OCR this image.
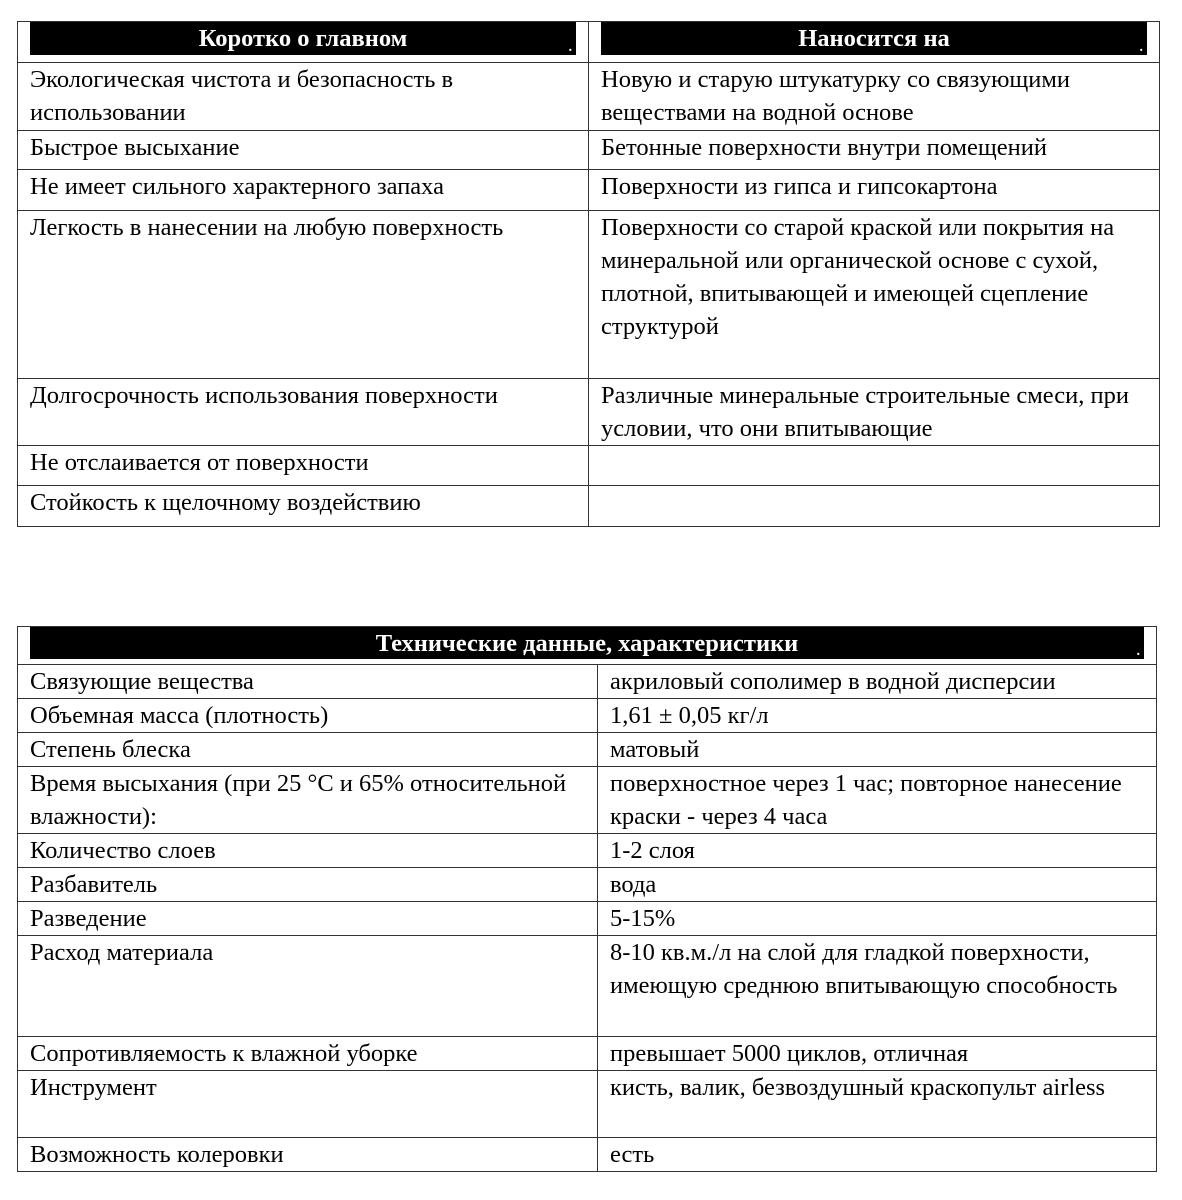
Коротко о главном .	Наносится на .

Экологическая чистота и безопасность в использовании	Новую и старую штукатурку со связующими веществами на водной основе
Быстрое высыхание	Бетонные поверхности внутри помещений
Не имеет сильного характерного запаха	Поверхности из гипса и гипсокартона
Легкость в нанесении на любую поверхность	Поверхности со старой краской или покрытия на минеральной или органической основе с сухой, плотной, впитывающей и имеющей сцепление структурой
Долгосрочность использования поверхности	Различные минеральные строительные смеси, при условии, что они впитывающие
Не отслаивается от поверхности	
Стойкость к щелочному воздействию	
Технические данные, характеристики .	

Связующие вещества	акриловый сополимер в водной дисперсии
Объемная масса (плотность)	1,61 ± 0,05 кг/л
Степень блеска	матовый
Время высыхания (при 25 °С и 65% относительной влажности):	поверхностное через 1 час; повторное нанесение краски - через 4 часа
Количество слоев	1-2 слоя
Разбавитель	вода
Разведение	5-15%
Расход материала	8-10 кв.м./л на слой для гладкой поверхности, имеющую среднюю впитывающую способность
Сопротивляемость к влажной уборке	превышает 5000 циклов, отличная
Инструмент	кисть, валик, безвоздушный краскопульт airless
Возможность колеровки	есть
